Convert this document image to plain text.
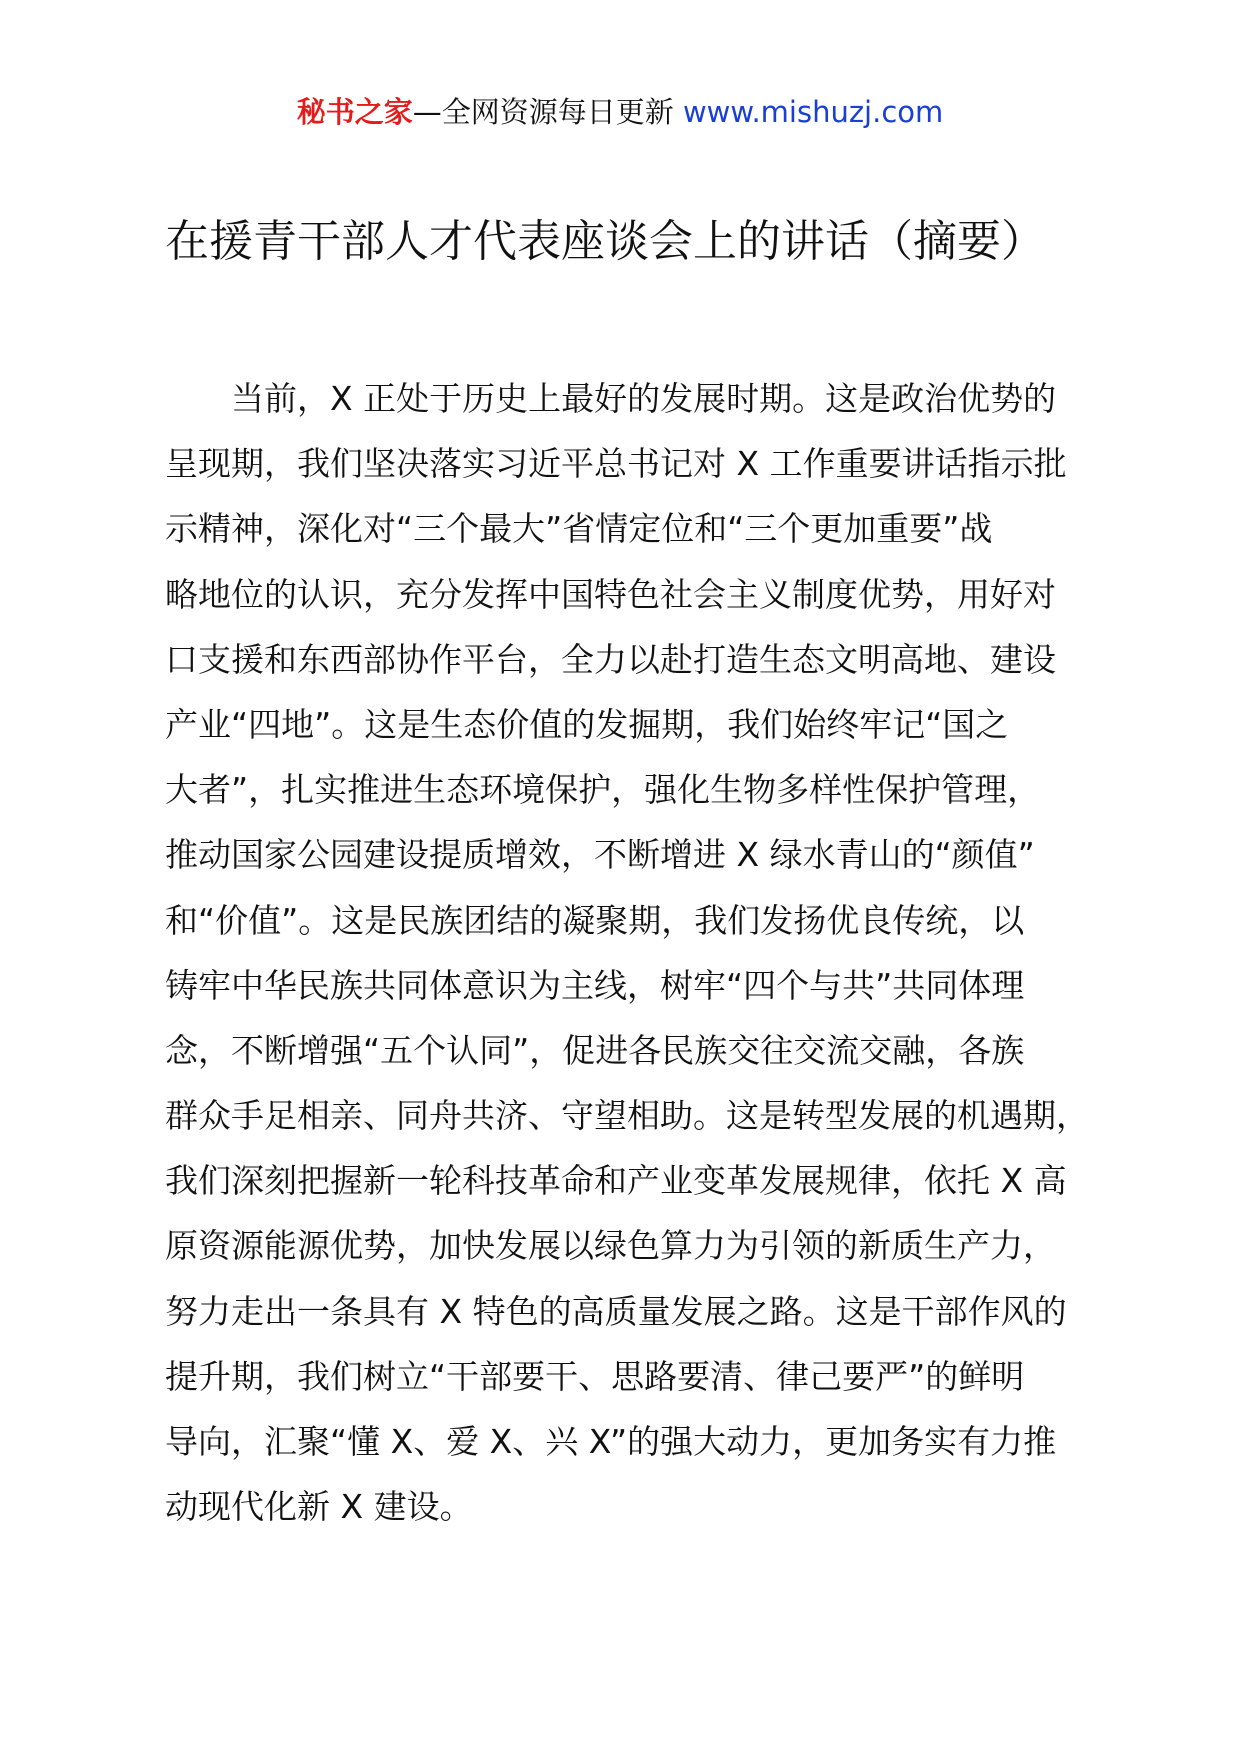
秘书之家—全网资源每日更新 www.mishuzj.com
在援青干部人才代表座谈会上的讲话（摘要）
当前，X 正处于历史上最好的发展时期。这是政治优势的
呈现期，我们坚决落实习近平总书记对 X 工作重要讲话指示批
示精神，深化对“三个最大”省情定位和“三个更加重要”战
略地位的认识，充分发挥中国特色社会主义制度优势，用好对
口支援和东西部协作平台，全力以赴打造生态文明高地、建设
产业“四地”。这是生态价值的发掘期，我们始终牢记“国之
大者”，扎实推进生态环境保护，强化生物多样性保护管理，
推动国家公园建设提质增效，不断增进 X 绿水青山的“颜值”
和“价值”。这是民族团结的凝聚期，我们发扬优良传统，以
铸牢中华民族共同体意识为主线，树牢“四个与共”共同体理
念，不断增强“五个认同”，促进各民族交往交流交融，各族
群众手足相亲、同舟共济、守望相助。这是转型发展的机遇期，
我们深刻把握新一轮科技革命和产业变革发展规律，依托 X 高
原资源能源优势，加快发展以绿色算力为引领的新质生产力，
努力走出一条具有 X 特色的高质量发展之路。这是干部作风的
提升期，我们树立“干部要干、思路要清、律己要严”的鲜明
导向，汇聚“懂 X、爱 X、兴 X”的强大动力，更加务实有力推
动现代化新 X 建设。
